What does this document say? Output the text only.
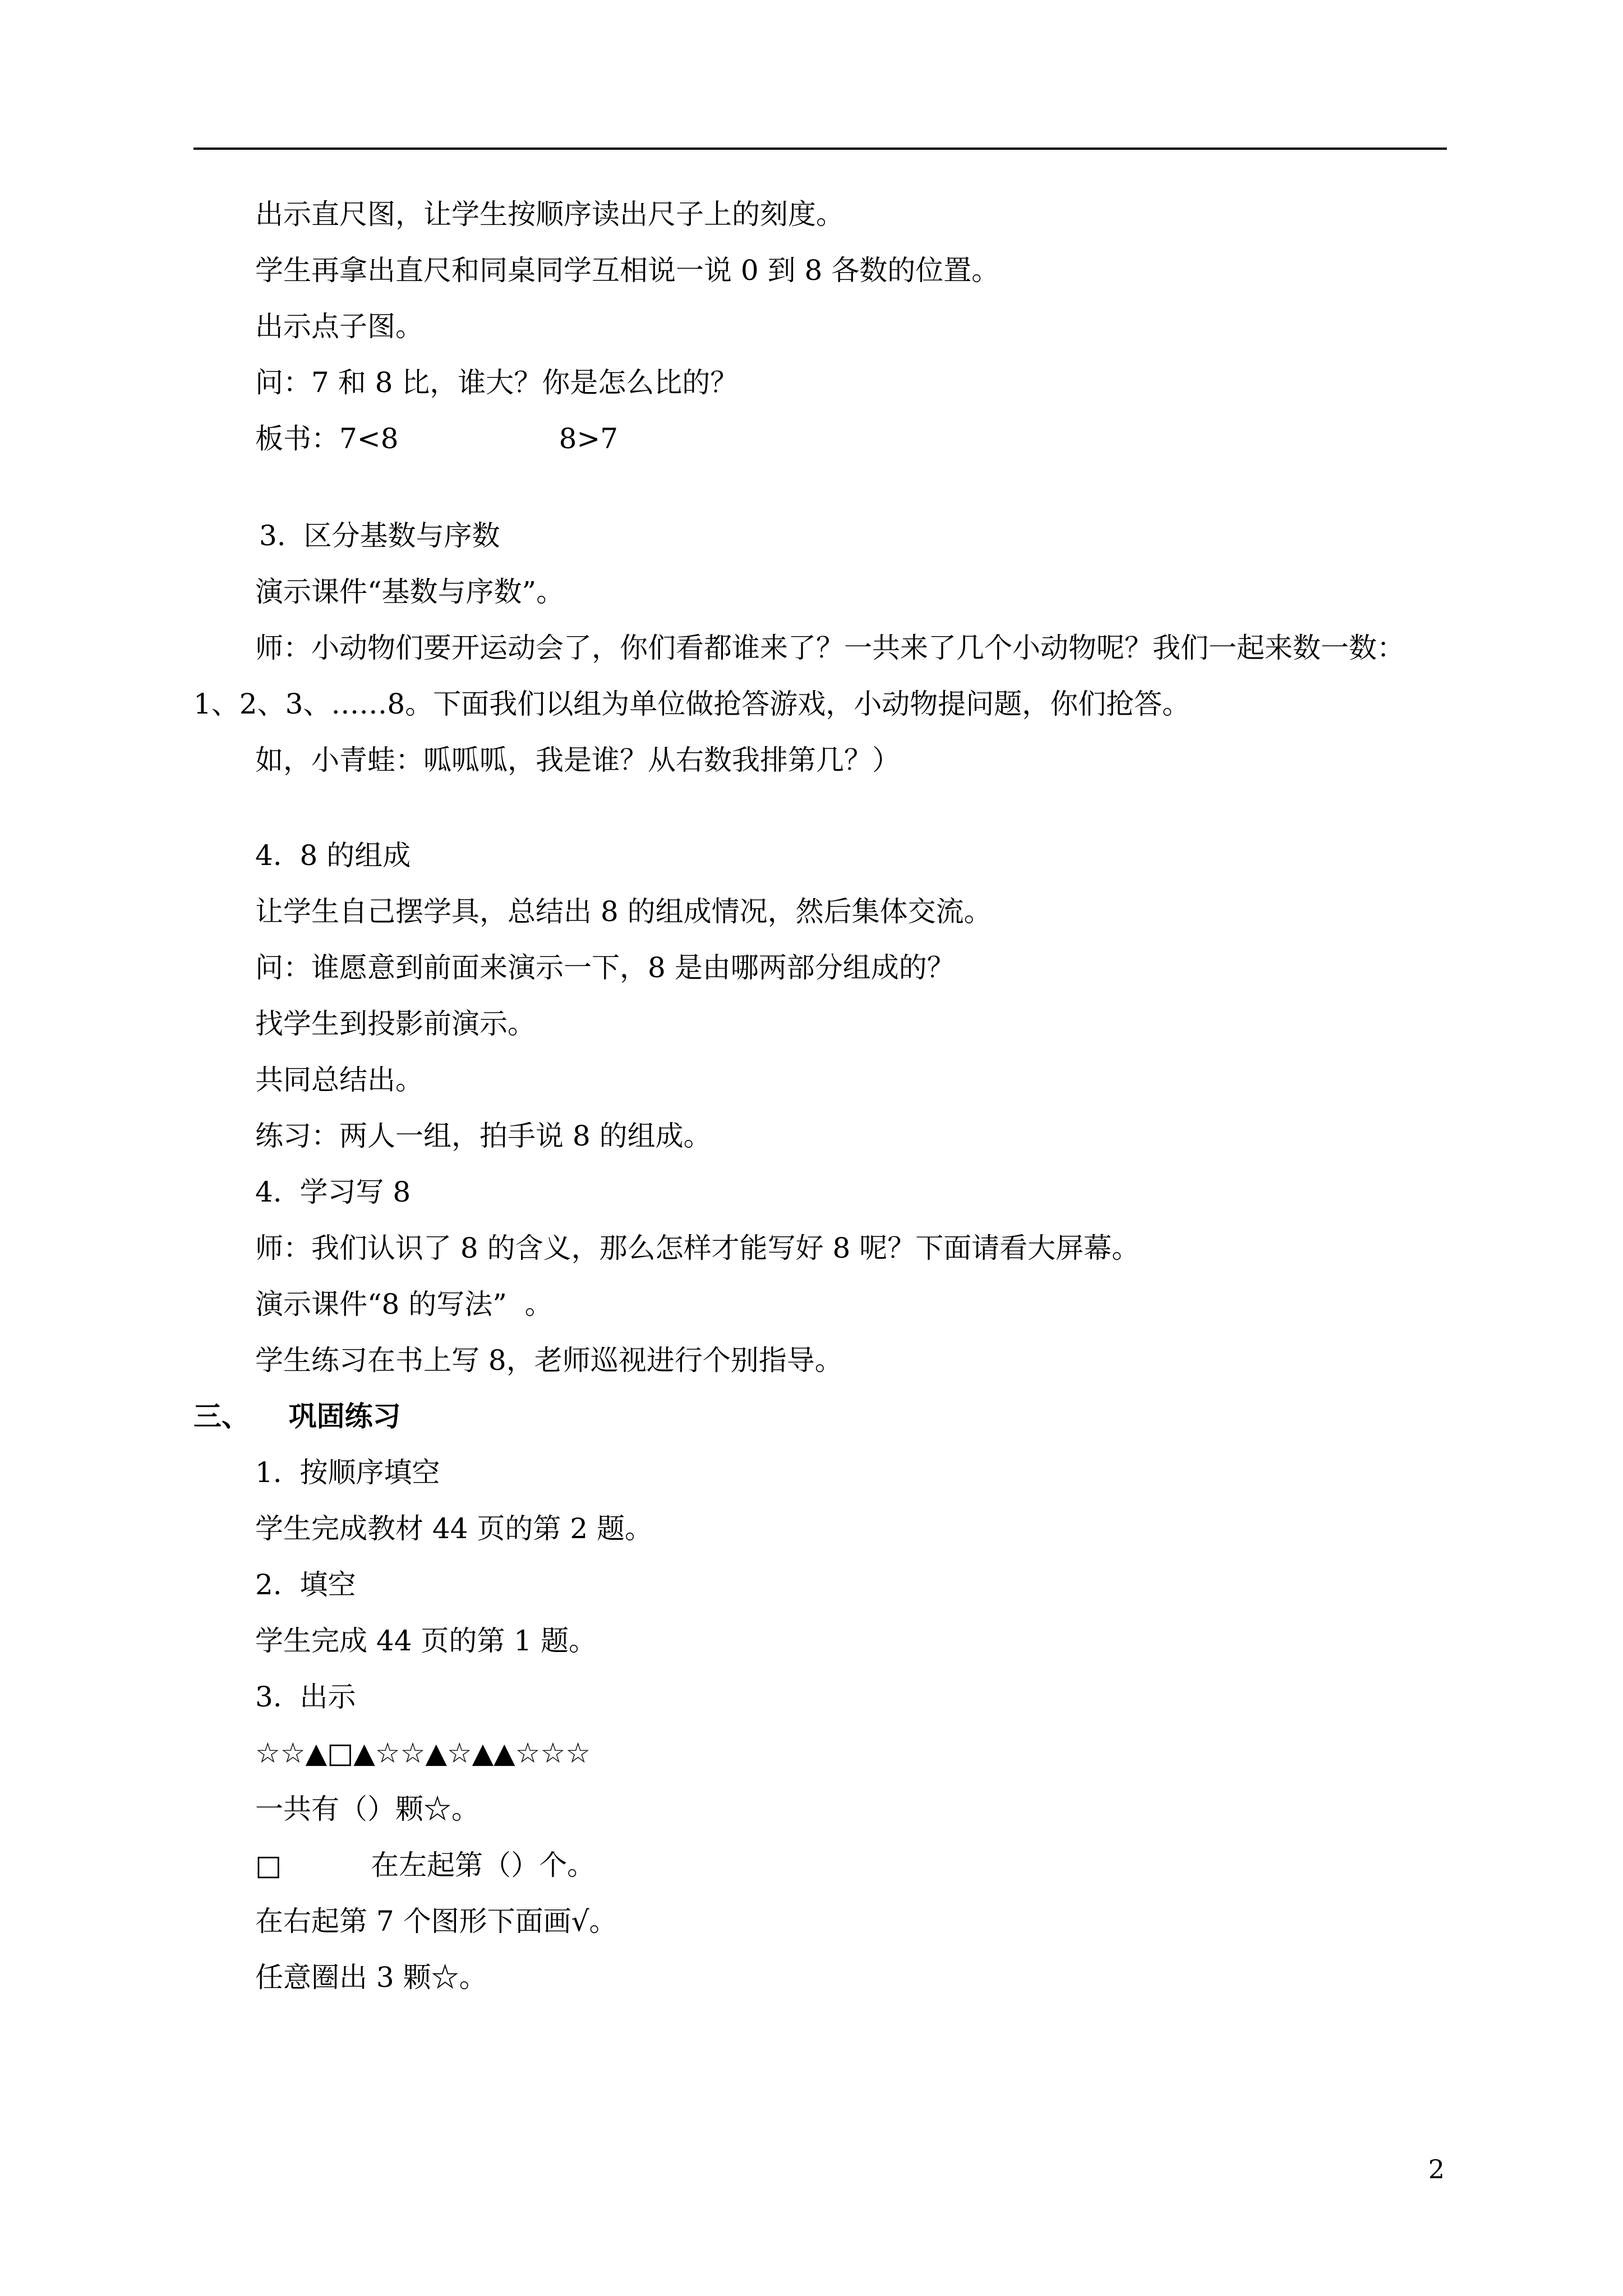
出示直尺图，让学生按顺序读出尺子上的刻度。
学生再拿出直尺和同桌同学互相说一说 0 到 8 各数的位置。
出示点子图。
问：7 和 8 比，谁大？你是怎么比的？
板书：7<8                  8>7
3.  区分基数与序数
演示课件“基数与序数”。
师：小动物们要开运动会了，你们看都谁来了？一共来了几个小动物呢？我们一起来数一数：
1、2、3、……8。下面我们以组为单位做抢答游戏，小动物提问题，你们抢答。
如，小青蛙：呱呱呱，我是谁？从右数我排第几？）
4.  8 的组成
让学生自己摆学具，总结出 8 的组成情况，然后集体交流。
问：谁愿意到前面来演示一下，8 是由哪两部分组成的？
找学生到投影前演示。
共同总结出。
练习：两人一组，拍手说 8 的组成。
4.  学习写 8
师：我们认识了 8 的含义，那么怎样才能写好 8 呢？下面请看大屏幕。
演示课件“8 的写法”  。
学生练习在书上写 8，老师巡视进行个别指导。
三、    巩固练习
1.  按顺序填空
学生完成教材 44 页的第 2 题。
2.  填空
学生完成 44 页的第 1 题。
3.  出示
☆☆▲□▲☆☆▲☆▲▲☆☆☆
一共有（）颗☆。
□          在左起第（）个。
在右起第 7 个图形下面画√。
任意圈出 3 颗☆。
2
